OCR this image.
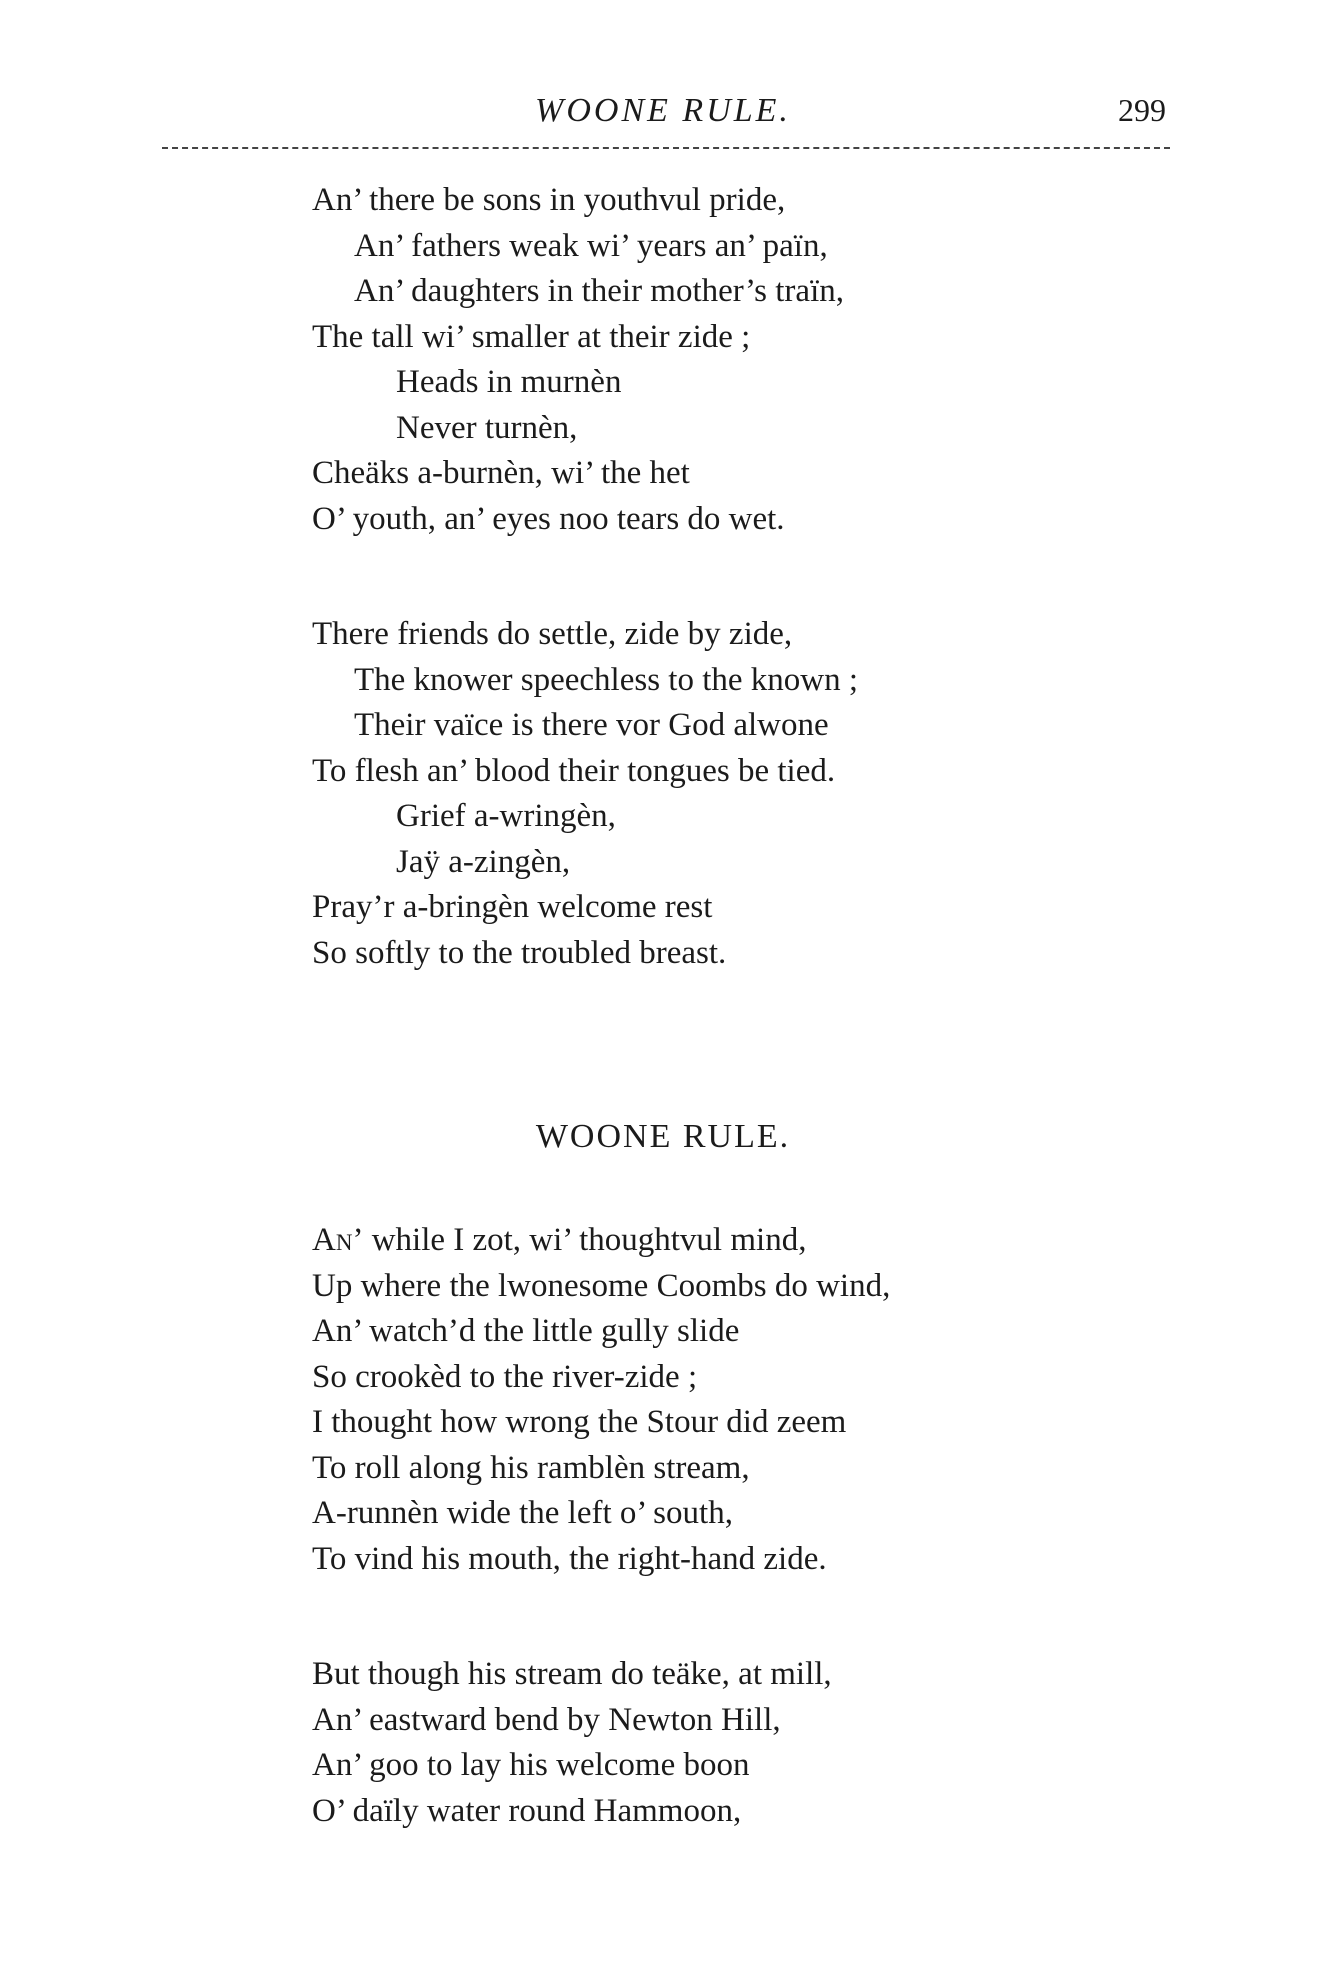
WOONE RULE.	299
An’ there be sons in youthvul pride,
An’ fathers weak wi’ years an’ païn,
An’ daughters in their mother’s traïn,
The tall wi’ smaller at their zide ;
Heads in murnèn
Never turnèn,
Cheäks a-burnèn, wi’ the het
O’ youth, an’ eyes noo tears do wet.
There friends do settle, zide by zide,
The knower speechless to the known ;
Their vaïce is there vor God alwone
To flesh an’ blood their tongues be tied.
Grief a-wringèn,
Jaÿ a-zingèn,
Pray’r a-bringèn welcome rest
So softly to the troubled breast.
WOONE RULE.
An’ while I zot, wi’ thoughtvul mind,
Up where the lwonesome Coombs do wind,
An’ watch’d the little gully slide
So crookèd to the river-zide ;
I thought how wrong the Stour did zeem
To roll along his ramblèn stream,
A-runnèn wide the left o’ south,
To vind his mouth, the right-hand zide.
But though his stream do teäke, at mill,
An’ eastward bend by Newton Hill,
An’ goo to lay his welcome boon
O’ daïly water round Hammoon,
